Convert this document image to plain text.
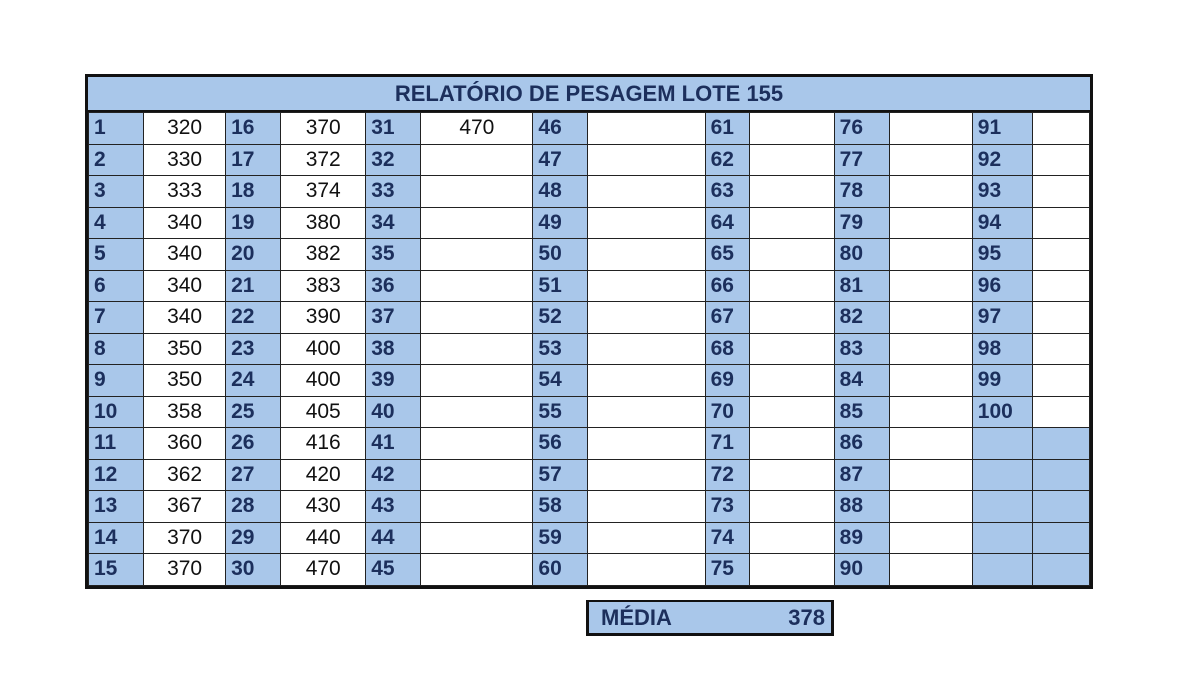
RELATÓRIO DE PESAGEM LOTE 155
1	320	16	370	31	470	46		61		76		91	
2	330	17	372	32		47		62		77		92	
3	333	18	374	33		48		63		78		93	
4	340	19	380	34		49		64		79		94	
5	340	20	382	35		50		65		80		95	
6	340	21	383	36		51		66		81		96	
7	340	22	390	37		52		67		82		97	
8	350	23	400	38		53		68		83		98	
9	350	24	400	39		54		69		84		99	
10	358	25	405	40		55		70		85		100	
11	360	26	416	41		56		71		86			
12	362	27	420	42		57		72		87			
13	367	28	430	43		58		73		88			
14	370	29	440	44		59		74		89			
15	370	30	470	45		60		75		90			
MÉDIA	378
